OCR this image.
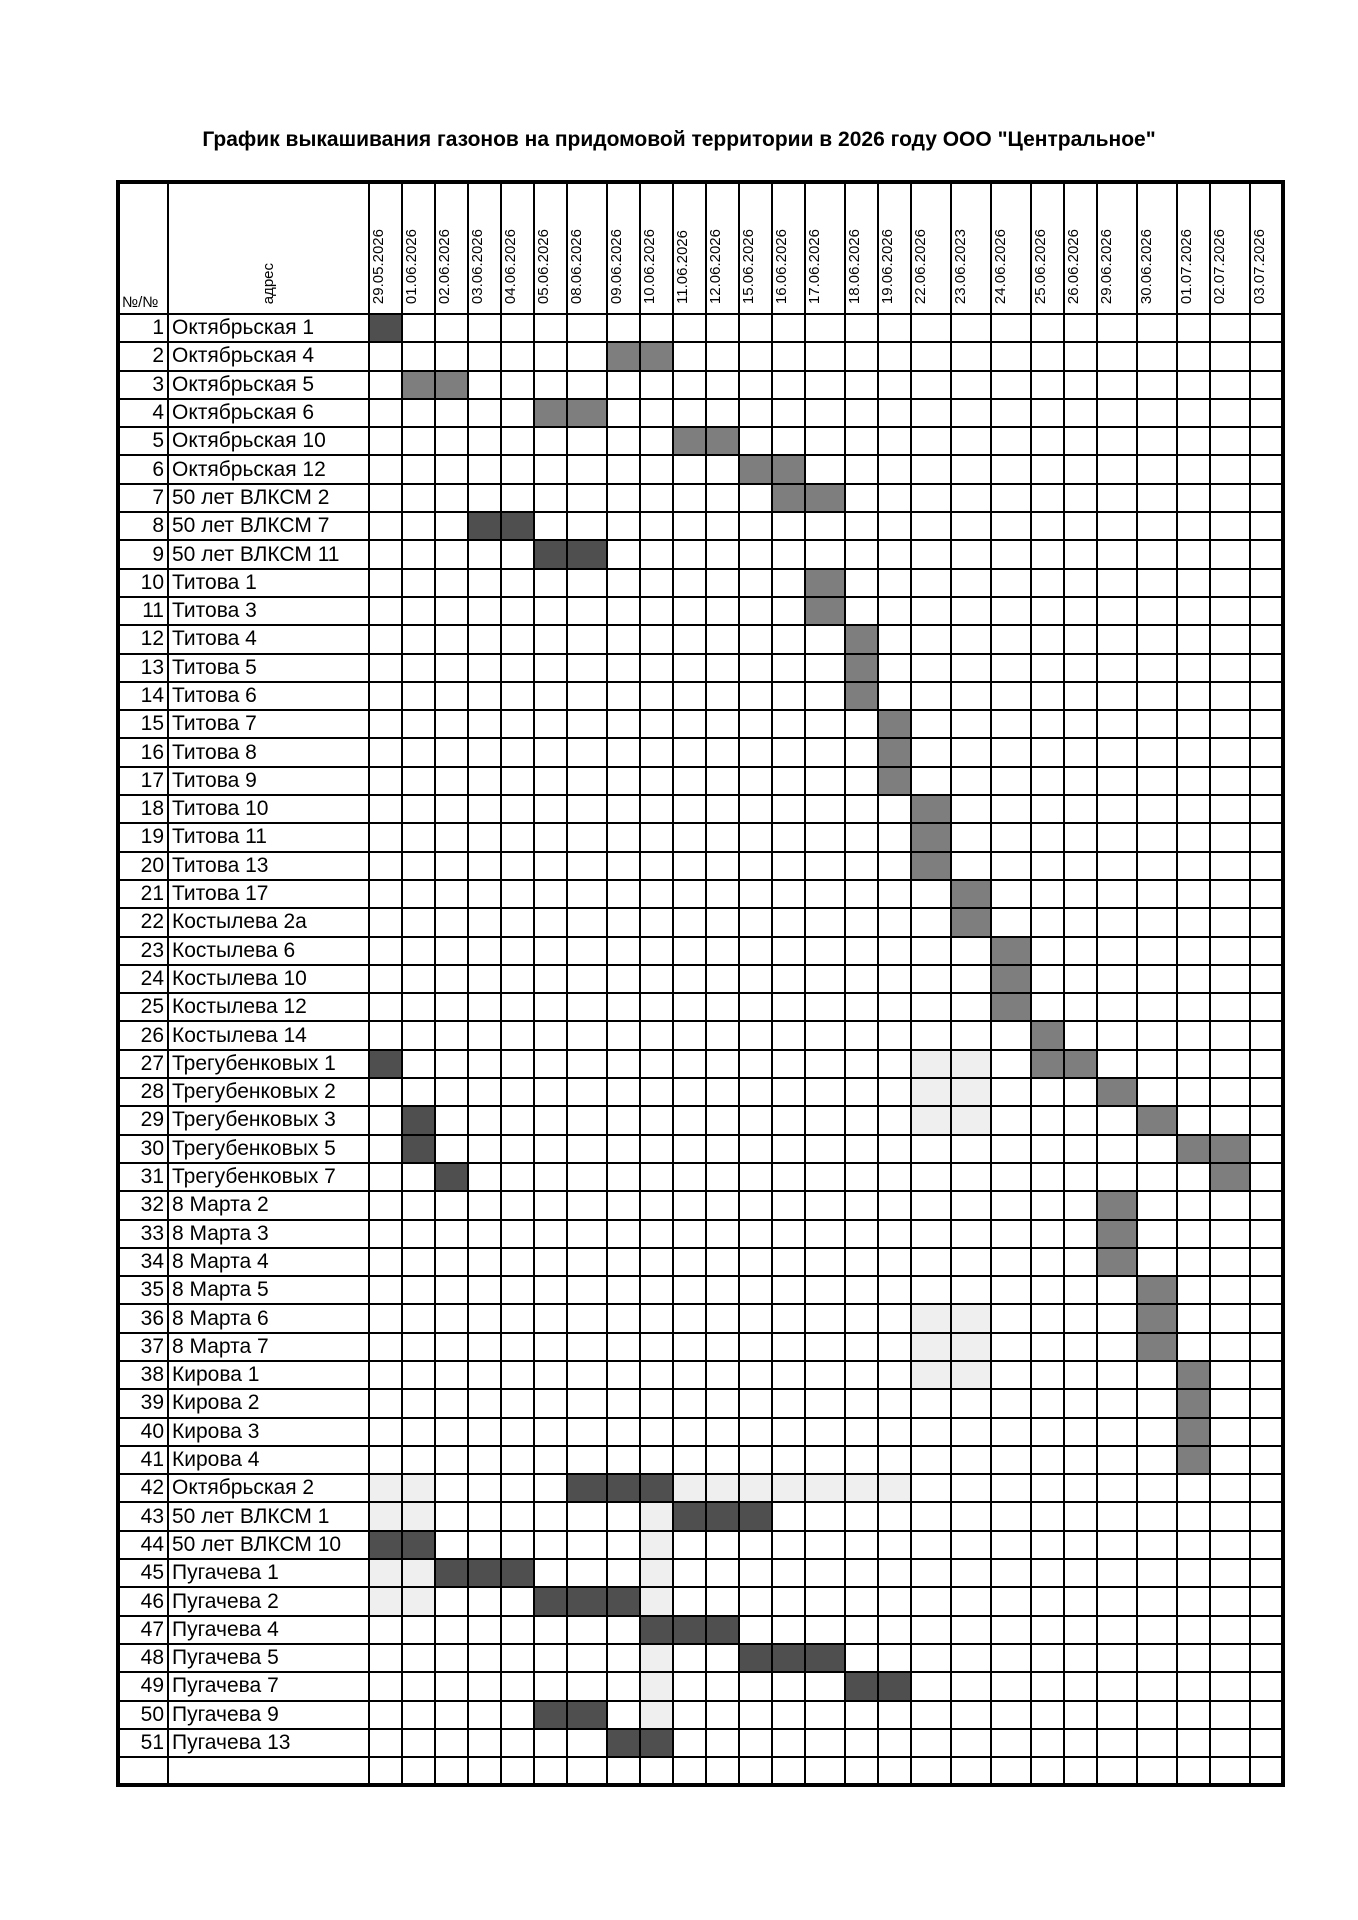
График выкашивания газонов на придомовой территории в 2026 году ООО "Центральное"
№/№	адрес	29.05.2026	01.06.2026	02.06.2026	03.06.2026	04.06.2026	05.06.2026	08.06.2026	09.06.2026	10.06.2026	11.06.2026	12.06.2026	15.06.2026	16.06.2026	17.06.2026	18.06.2026	19.06.2026	22.06.2026	23.06.2023	24.06.2026	25.06.2026	26.06.2026	29.06.2026	30.06.2026	01.07.2026	02.07.2026	03.07.2026
1	Октябрьская 1																										
2	Октябрьская 4																										
3	Октябрьская 5																										
4	Октябрьская 6																										
5	Октябрьская 10																										
6	Октябрьская 12																										
7	50 лет ВЛКСМ 2																										
8	50 лет ВЛКСМ 7																										
9	50 лет ВЛКСМ 11																										
10	Титова 1																										
11	Титова 3																										
12	Титова 4																										
13	Титова 5																										
14	Титова 6																										
15	Титова 7																										
16	Титова 8																										
17	Титова 9																										
18	Титова 10																										
19	Титова 11																										
20	Титова 13																										
21	Титова 17																										
22	Костылева 2а																										
23	Костылева 6																										
24	Костылева 10																										
25	Костылева 12																										
26	Костылева 14																										
27	Трегубенковых 1																										
28	Трегубенковых 2																										
29	Трегубенковых 3																										
30	Трегубенковых 5																										
31	Трегубенковых 7																										
32	8 Марта 2																										
33	8 Марта 3																										
34	8 Марта 4																										
35	8 Марта 5																										
36	8 Марта 6																										
37	8 Марта 7																										
38	Кирова 1																										
39	Кирова 2																										
40	Кирова 3																										
41	Кирова 4																										
42	Октябрьская 2																										
43	50 лет ВЛКСМ 1																										
44	50 лет ВЛКСМ 10																										
45	Пугачева 1																										
46	Пугачева 2																										
47	Пугачева 4																										
48	Пугачева 5																										
49	Пугачева 7																										
50	Пугачева 9																										
51	Пугачева 13																										
